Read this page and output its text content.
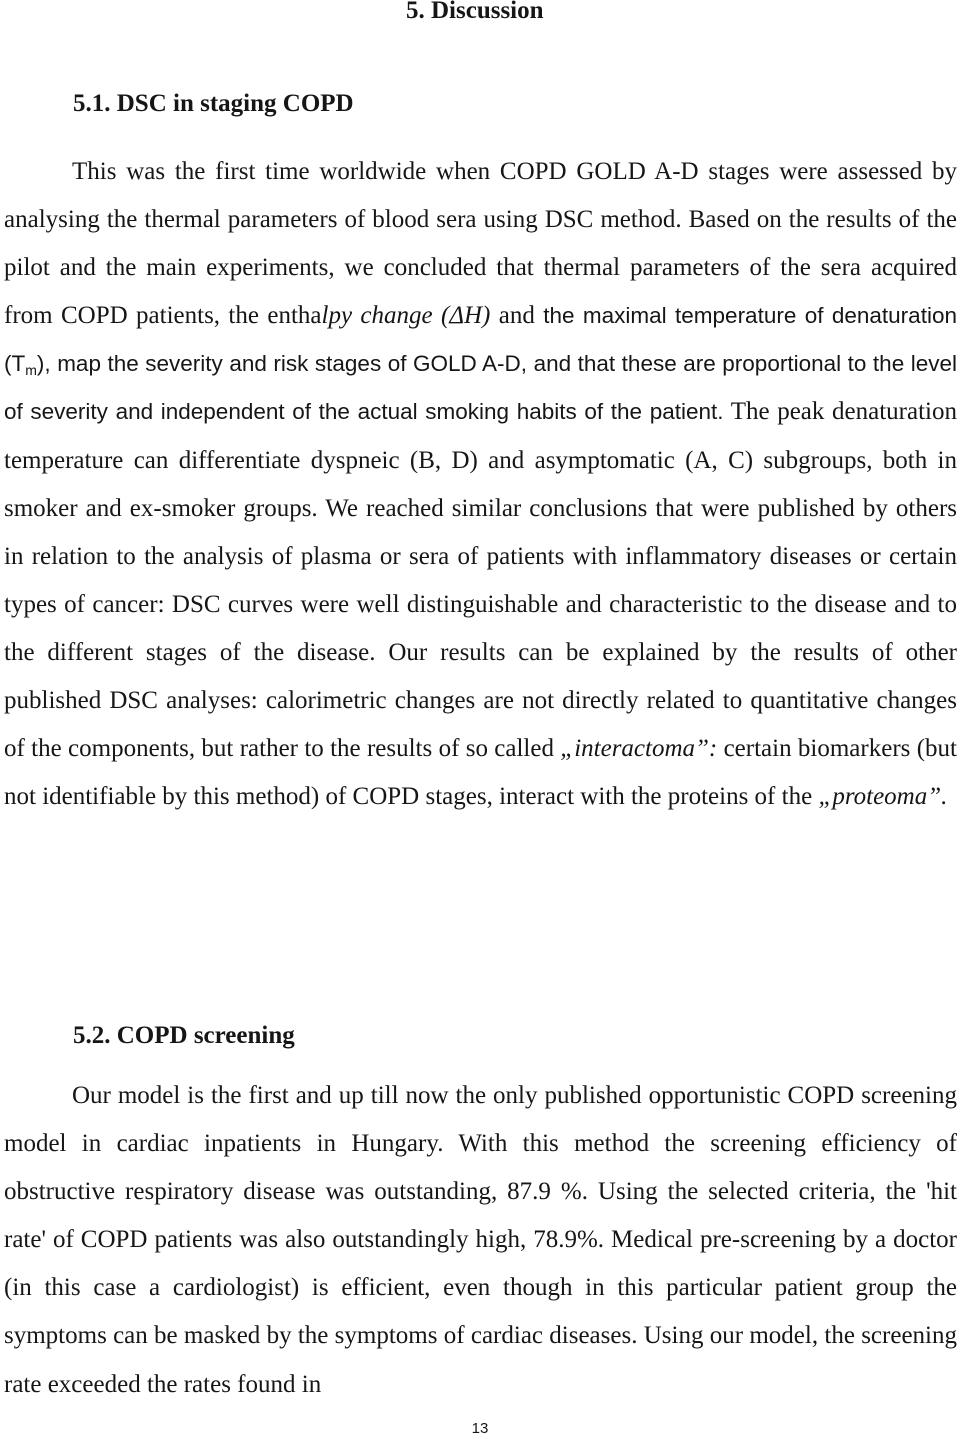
5. Discussion
5.1. DSC in staging COPD

This was the first time worldwide when COPD GOLD A-D stages were assessed by analysing the thermal parameters of blood sera using DSC method. Based on the results of the pilot and the main experiments, we concluded that thermal parameters of the sera acquired from COPD patients, the enthalpy change (ΔH) and the maximal temperature of denaturation $(T_m)$, map the severity and risk stages of GOLD A-D, and that these are proportional to the level of severity and independent of the actual smoking habits of the patient. The peak denaturation temperature can differentiate dyspneic (B, D) and asymptomatic (A, C) subgroups, both in smoker and ex-smoker groups. We reached similar conclusions that were published by others in relation to the analysis of plasma or sera of patients with inflammatory diseases or certain types of cancer: DSC curves were well distinguishable and characteristic to the disease and to the different stages of the disease. Our results can be explained by the results of other published DSC analyses: calorimetric changes are not directly related to quantitative changes of the components, but rather to the results of so called „interactoma”: certain biomarkers (but not identifiable by this method) of COPD stages, interact with the proteins of the „proteoma”.

5.2. COPD screening

Our model is the first and up till now the only published opportunistic COPD screening model in cardiac inpatients in Hungary. With this method the screening efficiency of obstructive respiratory disease was outstanding, 87.9 %. Using the selected criteria, the 'hit rate' of COPD patients was also outstandingly high, 78.9%. Medical pre-screening by a doctor (in this case a cardiologist) is efficient, even though in this particular patient group the symptoms can be masked by the symptoms of cardiac diseases. Using our model, the screening rate exceeded the rates found in

13
